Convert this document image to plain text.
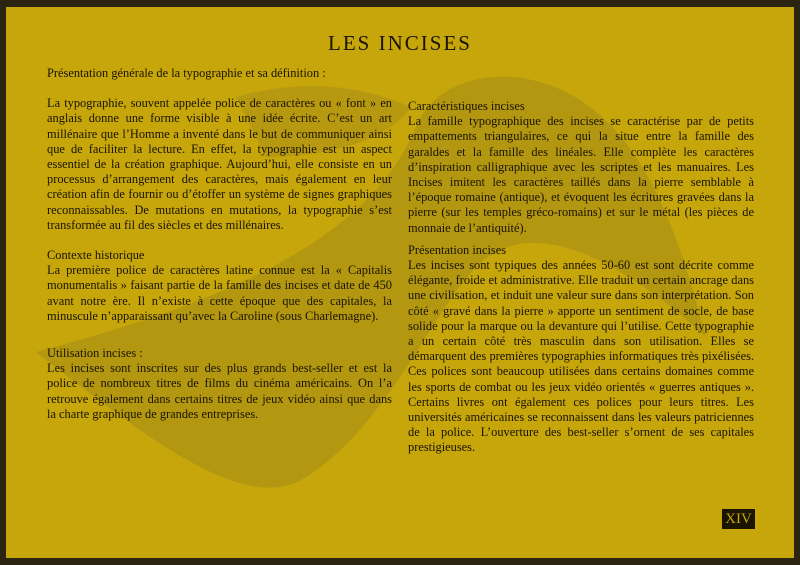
LES INCISES

Présentation générale de la typographie et sa définition :

La typographie, souvent appelée police de caractères ou « font » en anglais donne une forme visible à une idée écrite. C’est un art millénaire que l’Homme a inventé dans le but de communiquer ainsi que de faciliter la lecture. En effet, la typographie est un aspect essentiel de la création graphique. Aujourd’hui, elle consiste en un processus d’arrangement des caractères, mais également en leur création afin de fournir ou d’étoffer un système de signes graphiques reconnaissables. De mutations en mutations, la typographie s’est transformée au fil des siècles et des millénaires.

Contexte historique

La première police de caractères latine connue est la « Capitalis monumentalis » faisant partie de la famille des incises et date de 450 avant notre ère. Il n’existe à cette époque que des capitales, la minuscule n’apparaissant qu’avec la Caroline (sous Charlemagne).

Utilisation incises :

Les incises sont inscrites sur des plus grands best-seller et est la police de nombreux titres de films du cinéma américains. On l’a retrouve également dans certains titres de jeux vidéo ainsi que dans la charte graphique de grandes entreprises.

Caractéristiques incises

La famille typographique des incises se caractérise par de petits empattements triangulaires, ce qui la situe entre la famille des garaldes et la famille des linéales. Elle complète les caractères d’inspiration calligraphique avec les scriptes et les manuaires. Les Incises imitent les caractères taillés dans la pierre semblable à l’époque romaine (antique), et évoquent les écritures gravées dans la pierre (sur les temples gréco-romains) et sur le métal (les pièces de monnaie de l’antiquité).

Présentation incises

Les incises sont typiques des années 50-60 est sont décrite comme élégante, froide et administrative. Elle traduit un certain ancrage dans une civilisation, et induit une valeur sure dans son interprétation. Son côté « gravé dans la pierre » apporte un sentiment de socle, de base solide pour la marque ou la devanture qui l’utilise. Cette typographie a un certain côté très masculin dans son utilisation. Elles se démarquent des premières typographies informatiques très pixélisées. Ces polices sont beaucoup utilisées dans certains domaines comme les sports de combat ou les jeux vidéo orientés « guerres antiques ». Certains livres ont également ces polices pour leurs titres. Les universités américaines se reconnaissent dans les valeurs patriciennes de la police. L’ouverture des best-seller s’ornent de ses capitales prestigieuses.

XIV
